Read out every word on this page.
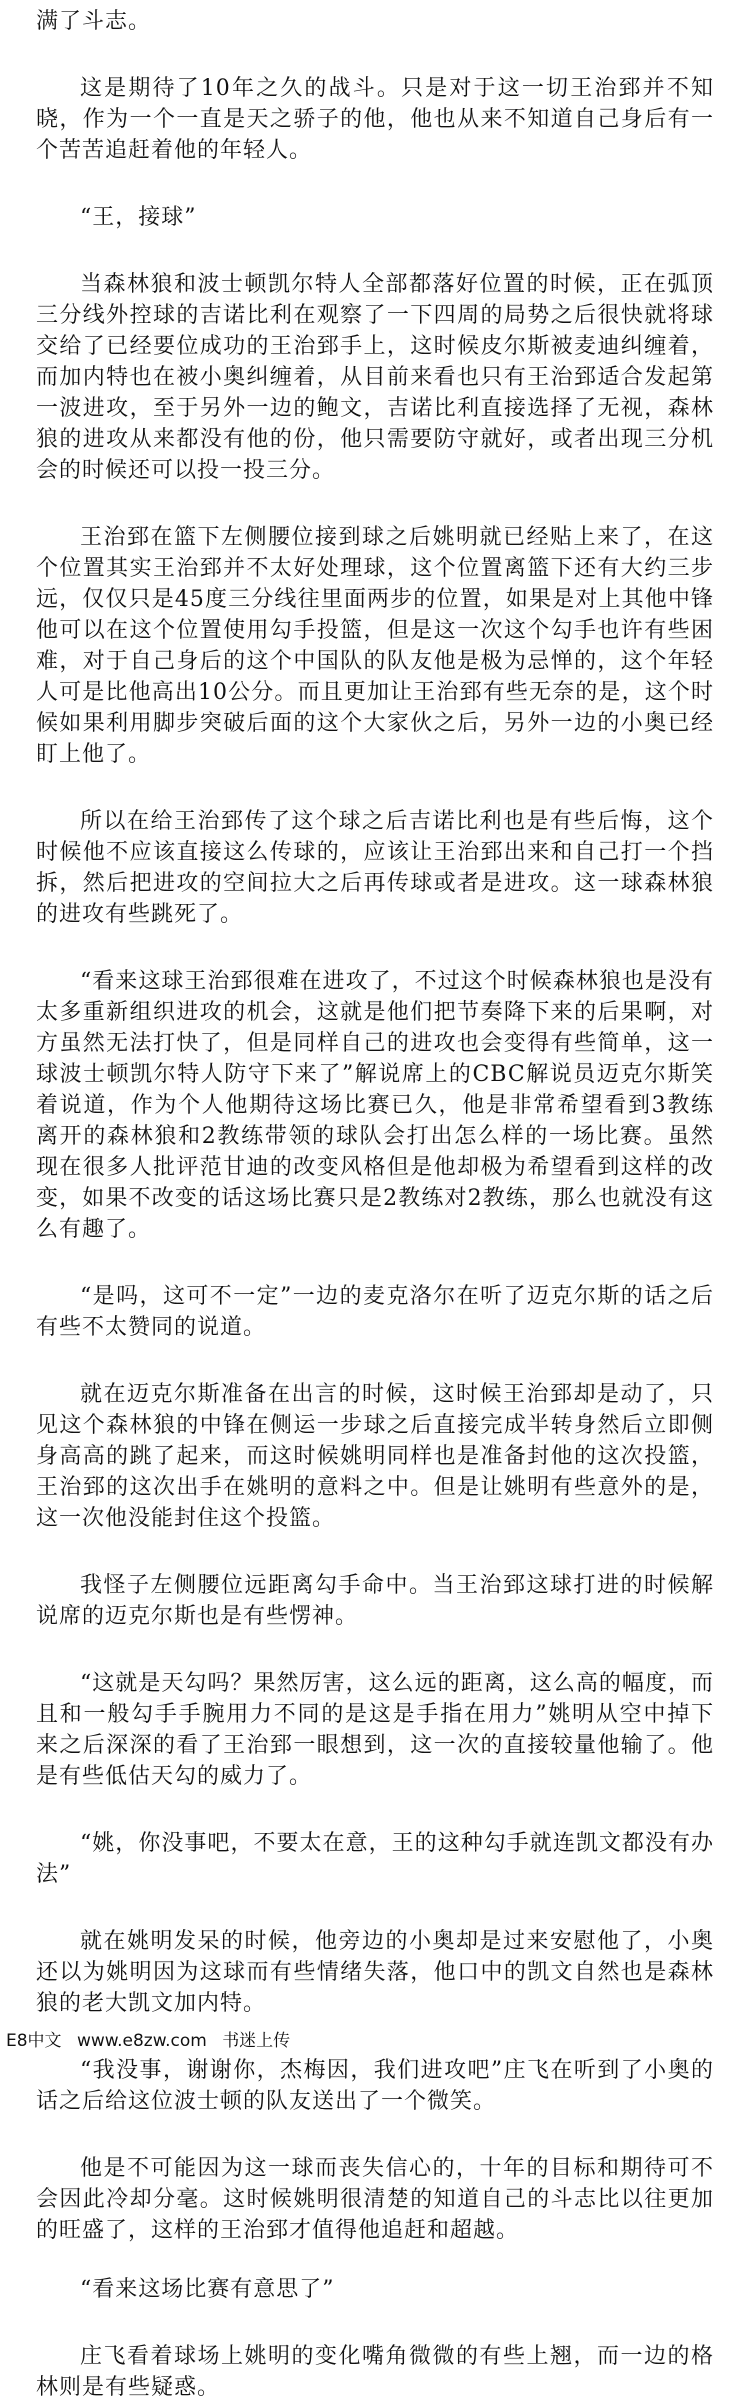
满了斗志。

这是期待了10年之久的战斗。只是对于这一切王治郅并不知晓，作为一个一直是天之骄子的他，他也从来不知道自己身后有一个苦苦追赶着他的年轻人。

“王，接球”

当森林狼和波士顿凯尔特人全部都落好位置的时候，正在弧顶三分线外控球的吉诺比利在观察了一下四周的局势之后很快就将球交给了已经要位成功的王治郅手上，这时候皮尔斯被麦迪纠缠着，而加内特也在被小奥纠缠着，从目前来看也只有王治郅适合发起第一波进攻，至于另外一边的鲍文，吉诺比利直接选择了无视，森林狼的进攻从来都没有他的份，他只需要防守就好，或者出现三分机会的时候还可以投一投三分。

王治郅在篮下左侧腰位接到球之后姚明就已经贴上来了，在这个位置其实王治郅并不太好处理球，这个位置离篮下还有大约三步远，仅仅只是45度三分线往里面两步的位置，如果是对上其他中锋他可以在这个位置使用勾手投篮，但是这一次这个勾手也许有些困难，对于自己身后的这个中国队的队友他是极为忌惮的，这个年轻人可是比他高出10公分。而且更加让王治郅有些无奈的是，这个时候如果利用脚步突破后面的这个大家伙之后，另外一边的小奥已经盯上他了。

所以在给王治郅传了这个球之后吉诺比利也是有些后悔，这个时候他不应该直接这么传球的，应该让王治郅出来和自己打一个挡拆，然后把进攻的空间拉大之后再传球或者是进攻。这一球森林狼的进攻有些跳死了。

“看来这球王治郅很难在进攻了，不过这个时候森林狼也是没有太多重新组织进攻的机会，这就是他们把节奏降下来的后果啊，对方虽然无法打快了，但是同样自己的进攻也会变得有些简单，这一球波士顿凯尔特人防守下来了”解说席上的CBC解说员迈克尔斯笑着说道，作为个人他期待这场比赛已久，他是非常希望看到3教练离开的森林狼和2教练带领的球队会打出怎么样的一场比赛。虽然现在很多人批评范甘迪的改变风格但是他却极为希望看到这样的改变，如果不改变的话这场比赛只是2教练对2教练，那么也就没有这么有趣了。

“是吗，这可不一定”一边的麦克洛尔在听了迈克尔斯的话之后有些不太赞同的说道。

就在迈克尔斯准备在出言的时候，这时候王治郅却是动了，只见这个森林狼的中锋在侧运一步球之后直接完成半转身然后立即侧身高高的跳了起来，而这时候姚明同样也是准备封他的这次投篮，王治郅的这次出手在姚明的意料之中。但是让姚明有些意外的是，这一次他没能封住这个投篮。

我怪子左侧腰位远距离勾手命中。当王治郅这球打进的时候解说席的迈克尔斯也是有些愣神。

“这就是天勾吗？果然厉害，这么远的距离，这么高的幅度，而且和一般勾手手腕用力不同的是这是手指在用力”姚明从空中掉下来之后深深的看了王治郅一眼想到，这一次的直接较量他输了。他是有些低估天勾的威力了。

“姚，你没事吧，不要太在意，王的这种勾手就连凯文都没有办法”

就在姚明发呆的时候，他旁边的小奥却是过来安慰他了，小奥还以为姚明因为这球而有些情绪失落，他口中的凯文自然也是森林狼的老大凯文加内特。

“我没事，谢谢你，杰梅因，我们进攻吧”庄飞在听到了小奥的话之后给这位波士顿的队友送出了一个微笑。

他是不可能因为这一球而丧失信心的，十年的目标和期待可不会因此冷却分毫。这时候姚明很清楚的知道自己的斗志比以往更加的旺盛了，这样的王治郅才值得他追赶和超越。

“看来这场比赛有意思了”

庄飞看着球场上姚明的变化嘴角微微的有些上翘，而一边的格林则是有些疑惑。

E8中文 www.e8zw.com 书迷上传
